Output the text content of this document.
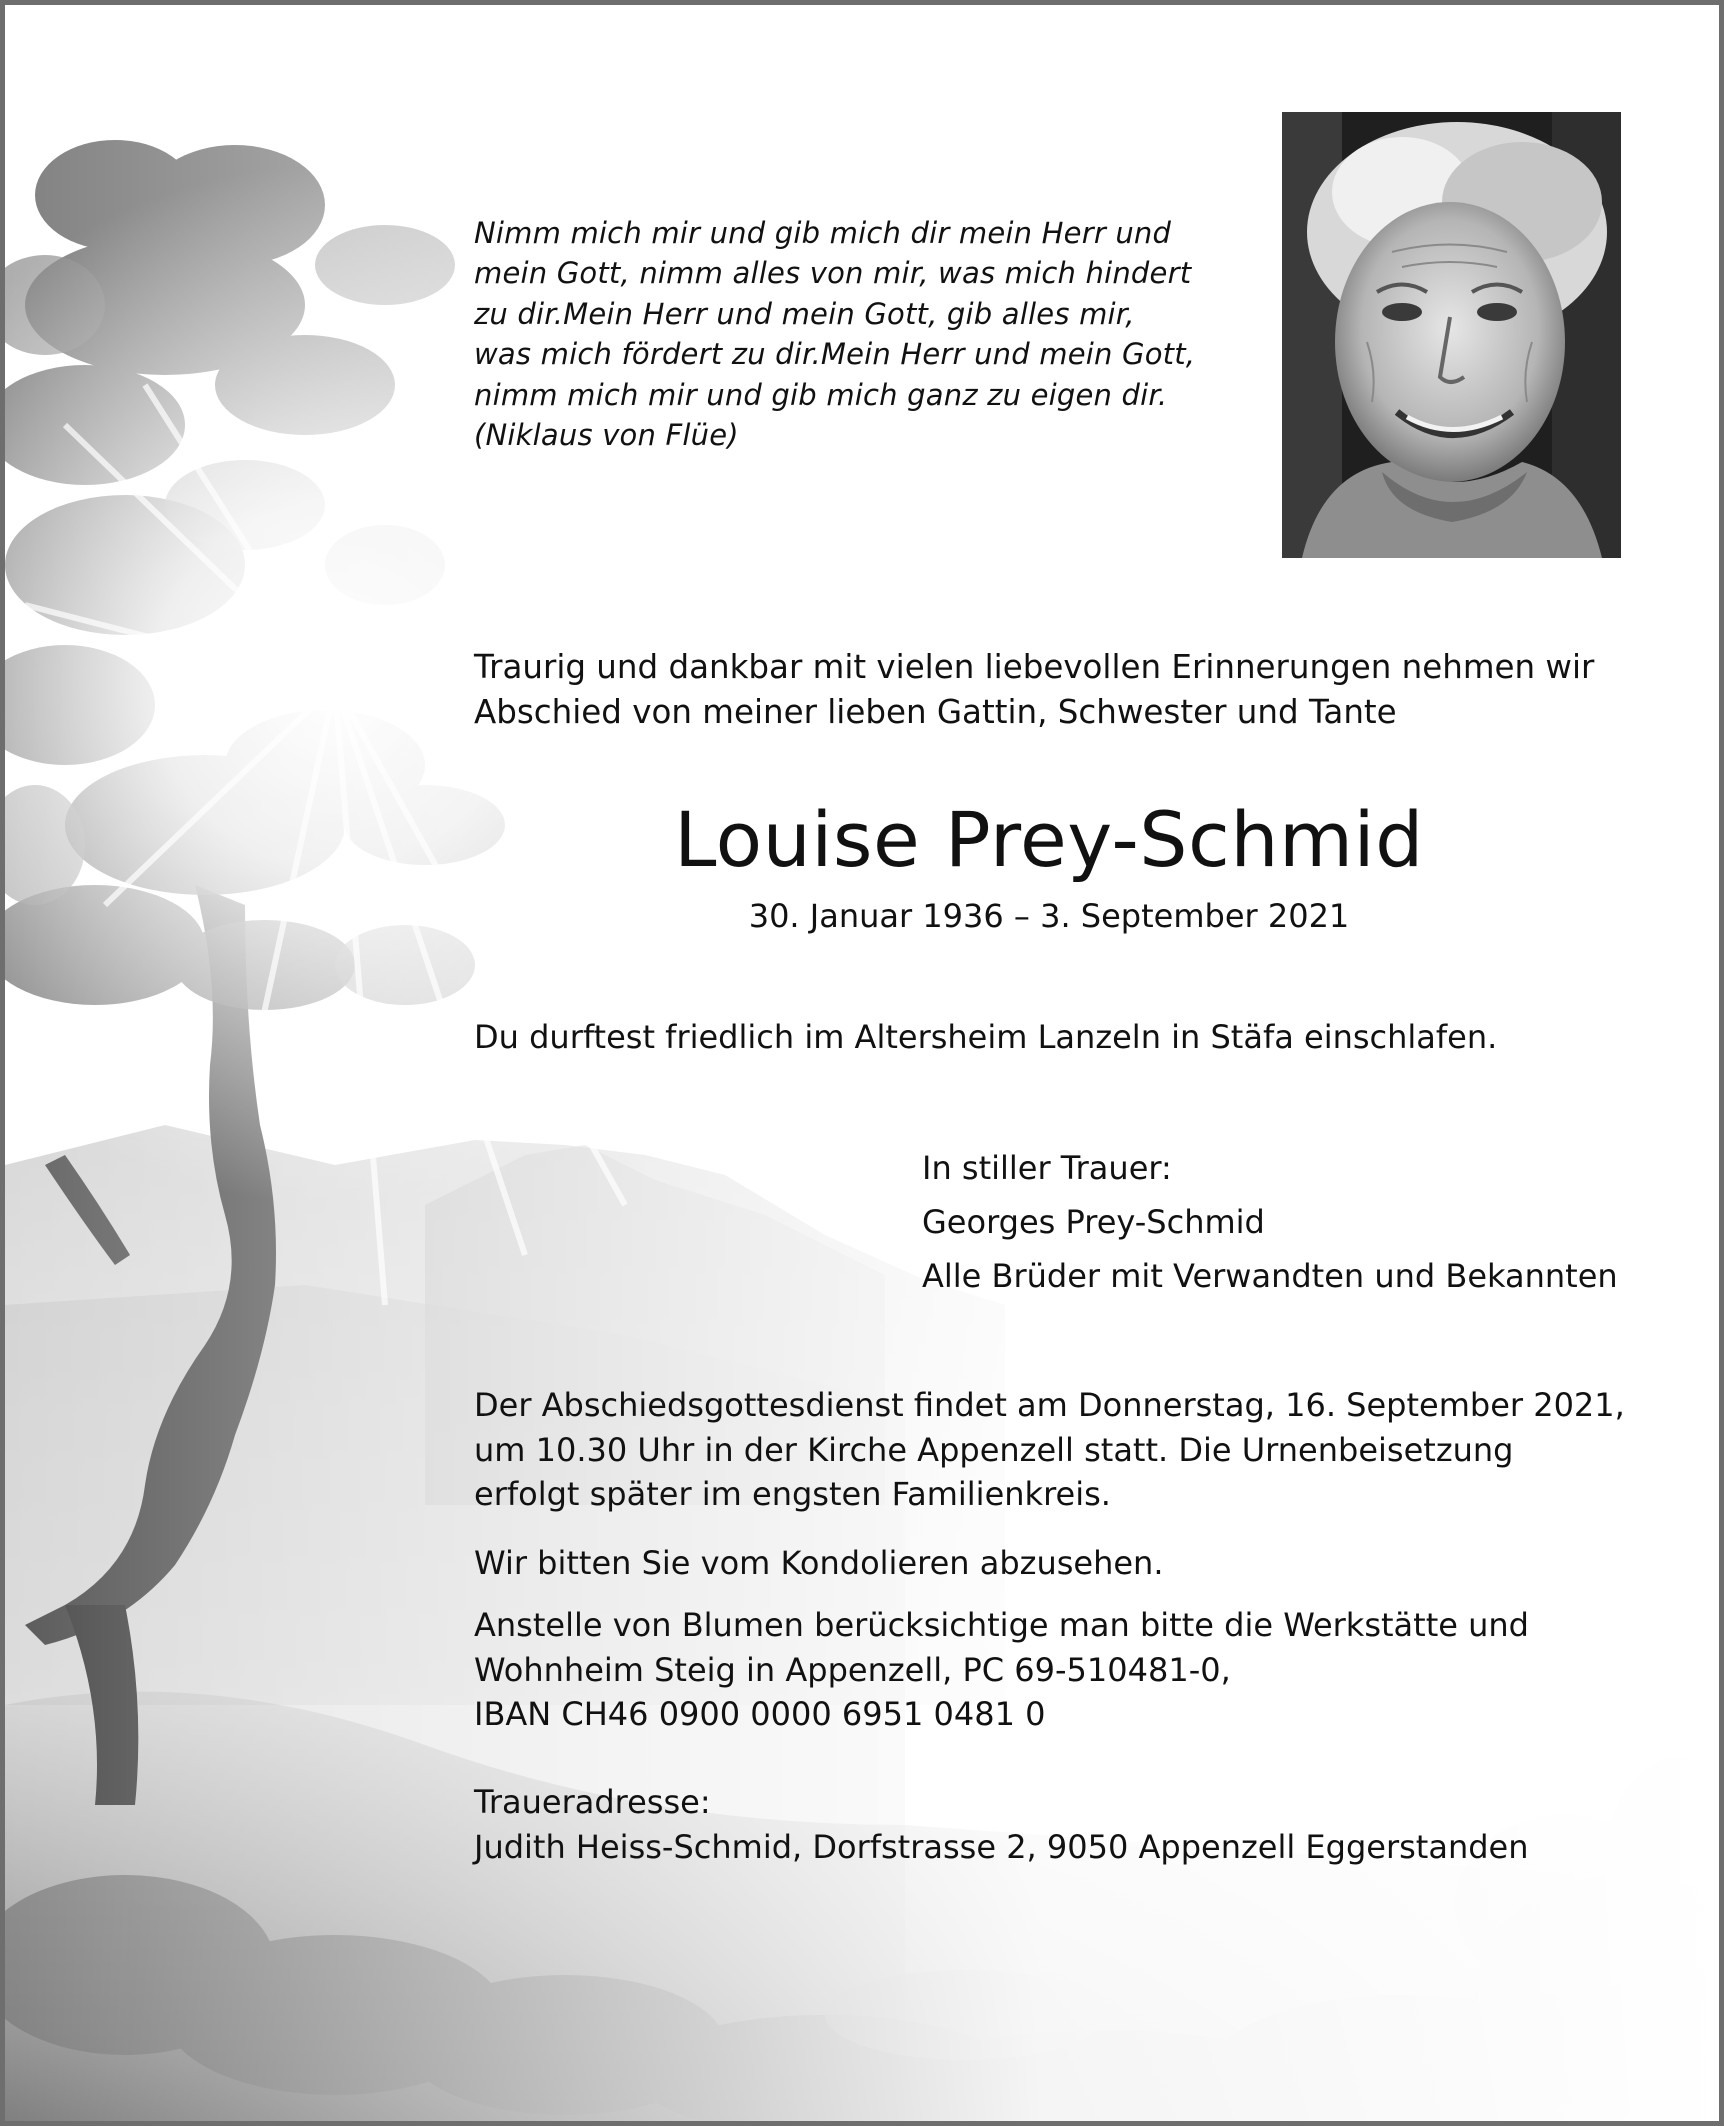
Nimm mich mir und gib mich dir mein Herr und
mein Gott, nimm alles von mir, was mich hindert
zu dir.Mein Herr und mein Gott, gib alles mir,
was mich fördert zu dir.Mein Herr und mein Gott,
nimm mich mir und gib mich ganz zu eigen dir.
(Niklaus von Flüe)
Traurig und dankbar mit vielen liebevollen Erinnerungen nehmen wir
Abschied von meiner lieben Gattin, Schwester und Tante
Louise Prey-Schmid
30. Januar 1936 – 3. September 2021
Du durftest friedlich im Altersheim Lanzeln in Stäfa einschlafen.
In stiller Trauer:
Georges Prey-Schmid
Alle Brüder mit Verwandten und Bekannten
Der Abschiedsgottesdienst findet am Donnerstag, 16. September 2021,
um 10.30 Uhr in der Kirche Appenzell statt. Die Urnenbeisetzung
erfolgt später im engsten Familienkreis.
Wir bitten Sie vom Kondolieren abzusehen.
Anstelle von Blumen berücksichtige man bitte die Werkstätte und
Wohnheim Steig in Appenzell, PC 69-510481-0,
IBAN CH46 0900 0000 6951 0481 0
Traueradresse:
Judith Heiss-Schmid, Dorfstrasse 2, 9050 Appenzell Eggerstanden
